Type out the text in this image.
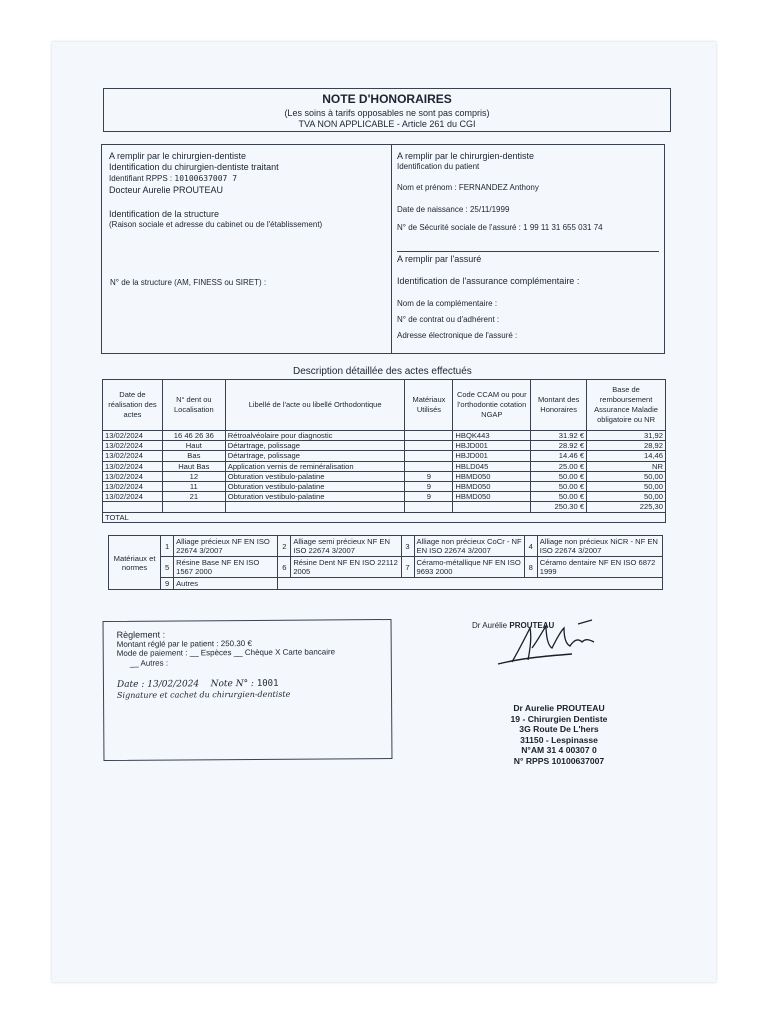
NOTE D'HONORAIRES
(Les soins à tarifs opposables ne sont pas compris)
TVA NON APPLICABLE - Article 261 du CGI
A remplir par le chirurgien-dentiste
Identification du chirurgien-dentiste traitant
Identifiant RPPS : 10100637007 7
Docteur Aurelie PROUTEAU
Identification de la structure
(Raison sociale et adresse du cabinet ou de l'établissement)
N° de la structure (AM, FINESS ou SIRET) :
A remplir par le chirurgien-dentiste
Identification du patient
Nom et prénom : FERNANDEZ Anthony
Date de naissance : 25/11/1999
N° de Sécurité sociale de l'assuré : 1 99 11 31 655 031 74
A remplir par l'assuré
Identification de l'assurance complémentaire :
Nom de la complémentaire :
N° de contrat ou d'adhérent :
Adresse électronique de l'assuré :
Description détaillée des actes effectués
Date de réalisation des actes	N° dent ou Localisation	Libellé de l'acte ou libellé Orthodontique	Matériaux Utilisés	Code CCAM ou pour l'orthodontie cotation NGAP	Montant des Honoraires	Base de remboursement Assurance Maladie obligatoire ou NR
13/02/2024	16 46 26 36	Rétroalvéolaire pour diagnostic		HBQK443	31.92 €	31,92
13/02/2024	Haut	Détartrage, polissage		HBJD001	28.92 €	28,92
13/02/2024	Bas	Détartrage, polissage		HBJD001	14.46 €	14,46
13/02/2024	Haut Bas	Application vernis de reminéralisation		HBLD045	25.00 €	NR
13/02/2024	12	Obturation vestibulo-palatine	9	HBMD050	50.00 €	50,00
13/02/2024	11	Obturation vestibulo-palatine	9	HBMD050	50.00 €	50,00
13/02/2024	21	Obturation vestibulo-palatine	9	HBMD050	50.00 €	50,00
					250.30 €	225,30
TOTAL						
Matériaux et normes	1	Alliage précieux NF EN ISO 22674 3/2007	2	Alliage semi précieux NF EN ISO 22674 3/2007	3	Alliage non précieux CoCr - NF EN ISO 22674 3/2007	4	Alliage non précieux NiCR - NF EN ISO 22674 3/2007
	5	Résine Base NF EN ISO 1567 2000	6	Résine Dent NF EN ISO 22112 2005	7	Céramo-métallique NF EN ISO 9693 2000	8	Céramo dentaire NF EN ISO 6872 1999
	9	Autres						
Règlement :
Montant réglé par le patient : 250.30 €
Mode de paiement : __ Espèces __ Chèque X Carte bancaire
__ Autres :
Date : 13/02/2024 Note N° : 1001
Signature et cachet du chirurgien-dentiste
Dr Aurélie PROUTEAU
Dr Aurelie PROUTEAU
19 - Chirurgien Dentiste
3G Route De L'hers
31150 - Lespinasse
N°AM 31 4 00307 0
N° RPPS 10100637007
